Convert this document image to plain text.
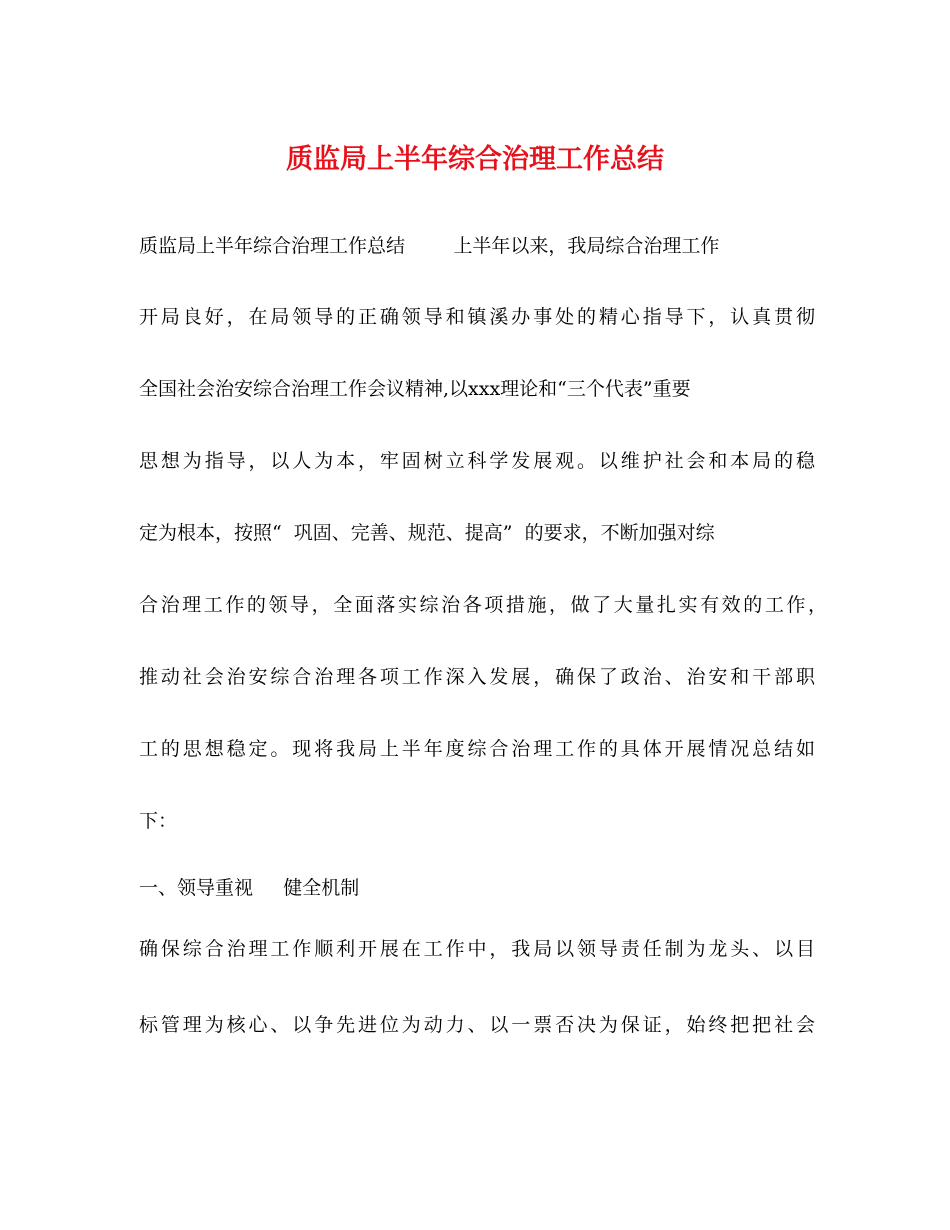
质监局上半年综合治理工作总结
质监局上半年综合治理工作总结        上半年以来，我局综合治理工作
开局良好，在局领导的正确领导和镇溪办事处的精心指导下，认真贯彻
全国社会治安综合治理工作会议精神,以xxx理论和“三个代表”重要
思想为指导，以人为本，牢固树立科学发展观。以维护社会和本局的稳
定为根本，按照“  巩固、完善、规范、提高”  的要求，不断加强对综
合治理工作的领导，全面落实综治各项措施，做了大量扎实有效的工作，
推动社会治安综合治理各项工作深入发展，确保了政治、治安和干部职
工的思想稳定。现将我局上半年度综合治理工作的具体开展情况总结如
下：
一、领导重视     健全机制
确保综合治理工作顺利开展在工作中，我局以领导责任制为龙头、以目
标管理为核心、以争先进位为动力、以一票否决为保证，始终把把社会
